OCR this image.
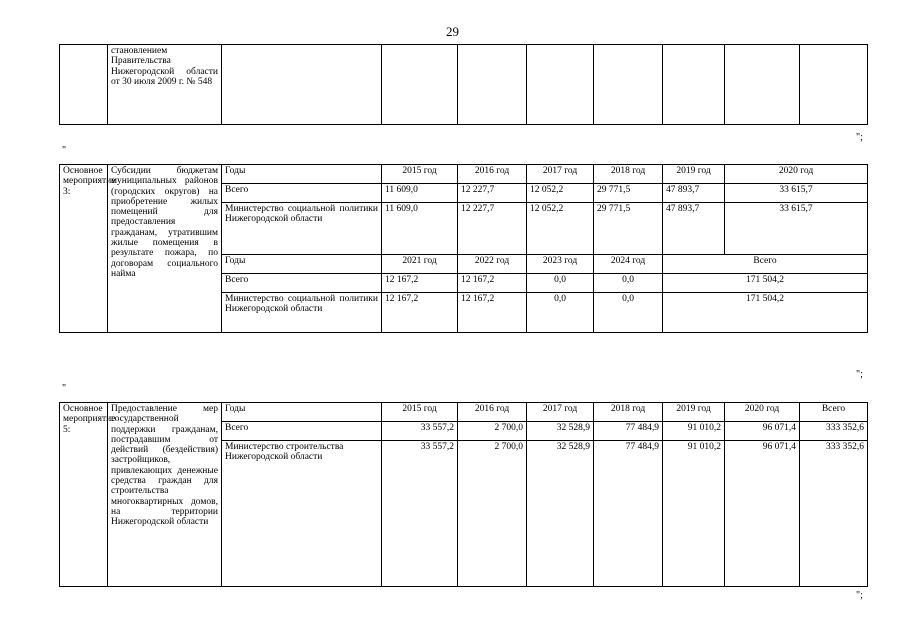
29
	становлением Правительства Нижегородской области от 30 июля 2009 г. № 548								
";
"
Основное мероприятие 3:	Субсидии бюджетам муниципальных районов (городских округов) на приобретение жилых помещений для предоставления гражданам, утратившим жилые помещения в результате пожара, по договорам социального найма	Годы	2015 год	2016 год	2017 год	2018 год	2019 год	2020 год
		Всего	11 609,0	12 227,7	12 052,2	29 771,5	47 893,7	33 615,7
		Министерство социальной политики Нижегородской области	11 609,0	12 227,7	12 052,2	29 771,5	47 893,7	33 615,7
		Годы	2021 год	2022 год	2023 год	2024 год	Всего	
		Всего	12 167,2	12 167,2	0,0	0,0	171 504,2	
		Министерство социальной политики Нижегородской области	12 167,2	12 167,2	0,0	0,0	171 504,2	
";
"
Основное мероприятие 5:	Предоставление мер государственной поддержки гражданам, пострадавшим от действий (бездействия) застройщиков, привлекающих денежные средства граждан для строительства многоквартирных домов, на территории Нижегородской области	Годы	2015 год	2016 год	2017 год	2018 год	2019 год	2020 год	Всего
		Всего	33 557,2	2 700,0	32 528,9	77 484,9	91 010,2	96 071,4	333 352,6
		Министерство строительства Нижегородской области	33 557,2	2 700,0	32 528,9	77 484,9	91 010,2	96 071,4	333 352,6
";
